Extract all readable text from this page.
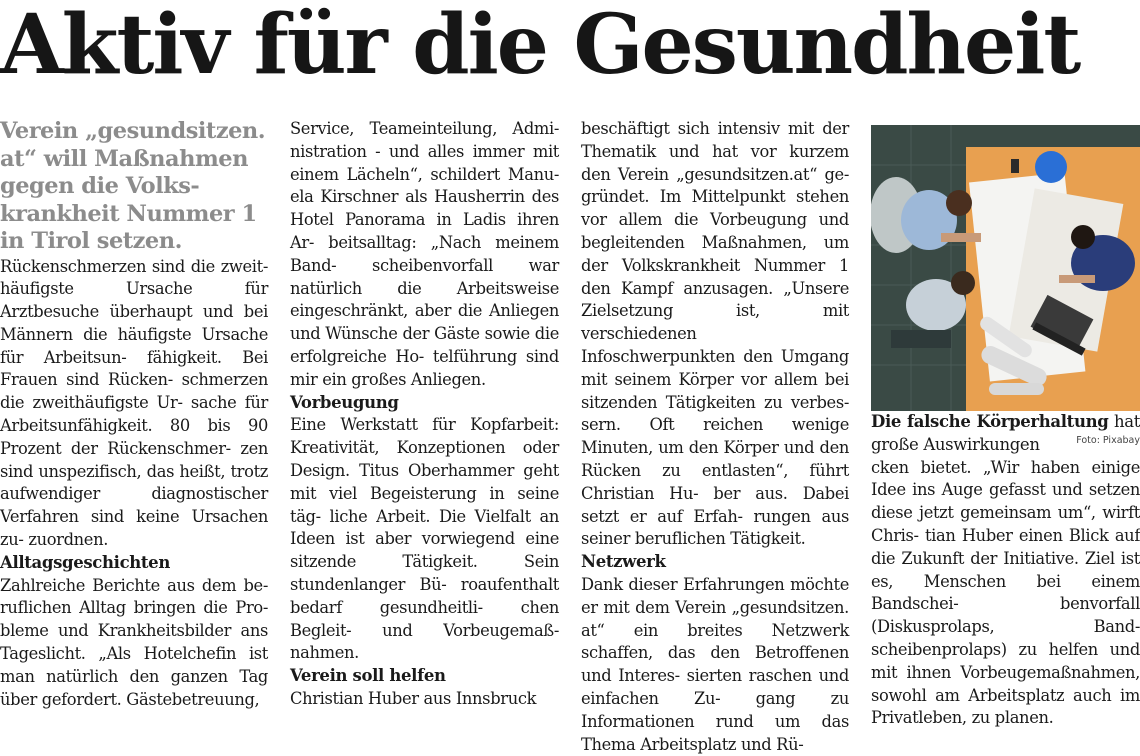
Aktiv für die Gesundheit

Verein „gesundsitzen. at“ will Maßnahmen gegen die Volks- krankheit Nummer 1 in Tirol setzen.

Rückenschmerzen sind die zweit- häufigste Ursache für Arztbesuche überhaupt und bei Männern die häufigste Ursache für Arbeitsun- fähigkeit. Bei Frauen sind Rücken- schmerzen die zweithäufigste Ur- sache für Arbeitsunfähigkeit. 80 bis 90 Prozent der Rückenschmer- zen sind unspezifisch, das heißt, trotz aufwendiger diagnostischer Verfahren sind keine Ursachen zu- zuordnen.

Alltagsgeschichten

Zahlreiche Berichte aus dem be- ruflichen Alltag bringen die Pro- bleme und Krankheitsbilder ans Tageslicht. „Als Hotelchefin ist man natürlich den ganzen Tag über gefordert. Gästebetreuung,

Service, Teameinteilung, Admi- nistration - und alles immer mit einem Lächeln“, schildert Manu- ela Kirschner als Hausherrin des Hotel Panorama in Ladis ihren Ar- beitsalltag: „Nach meinem Band- scheibenvorfall war natürlich die Arbeitsweise eingeschränkt, aber die Anliegen und Wünsche der Gäste sowie die erfolgreiche Ho- telführung sind mir ein großes Anliegen.

Vorbeugung

Eine Werkstatt für Kopfarbeit: Kreativität, Konzeptionen oder Design. Titus Oberhammer geht mit viel Begeisterung in seine täg- liche Arbeit. Die Vielfalt an Ideen ist aber vorwiegend eine sitzende Tätigkeit. Sein stundenlanger Bü- roaufenthalt bedarf gesundheitli- chen Begleit- und Vorbeugemaß- nahmen.

Verein soll helfen

Christian Huber aus Innsbruck

beschäftigt sich intensiv mit der Thematik und hat vor kurzem den Verein „gesundsitzen.at“ ge- gründet. Im Mittelpunkt stehen vor allem die Vorbeugung und begleitenden Maßnahmen, um der Volkskrankheit Nummer 1 den Kampf anzusagen. „Unsere Zielsetzung ist, mit verschiedenen Infoschwerpunkten den Umgang mit seinem Körper vor allem bei sitzenden Tätigkeiten zu verbes- sern. Oft reichen wenige Minuten, um den Körper und den Rücken zu entlasten“, führt Christian Hu- ber aus. Dabei setzt er auf Erfah- rungen aus seiner beruflichen Tätigkeit.

Netzwerk

Dank dieser Erfahrungen möchte er mit dem Verein „gesundsitzen. at“ ein breites Netzwerk schaffen, das den Betroffenen und Interes- sierten raschen und einfachen Zu- gang zu Informationen rund um das Thema Arbeitsplatz und Rü-

Die falsche Körperhaltung hat große Auswirkungen	Foto: Pixabay

cken bietet. „Wir haben einige Idee ins Auge gefasst und setzen diese jetzt gemeinsam um“, wirft Chris- tian Huber einen Blick auf die Zukunft der Initiative. Ziel ist es, Menschen bei einem Bandschei- benvorfall (Diskusprolaps, Band- scheibenprolaps) zu helfen und mit ihnen Vorbeugemaßnahmen, sowohl am Arbeitsplatz auch im Privatleben, zu planen.
